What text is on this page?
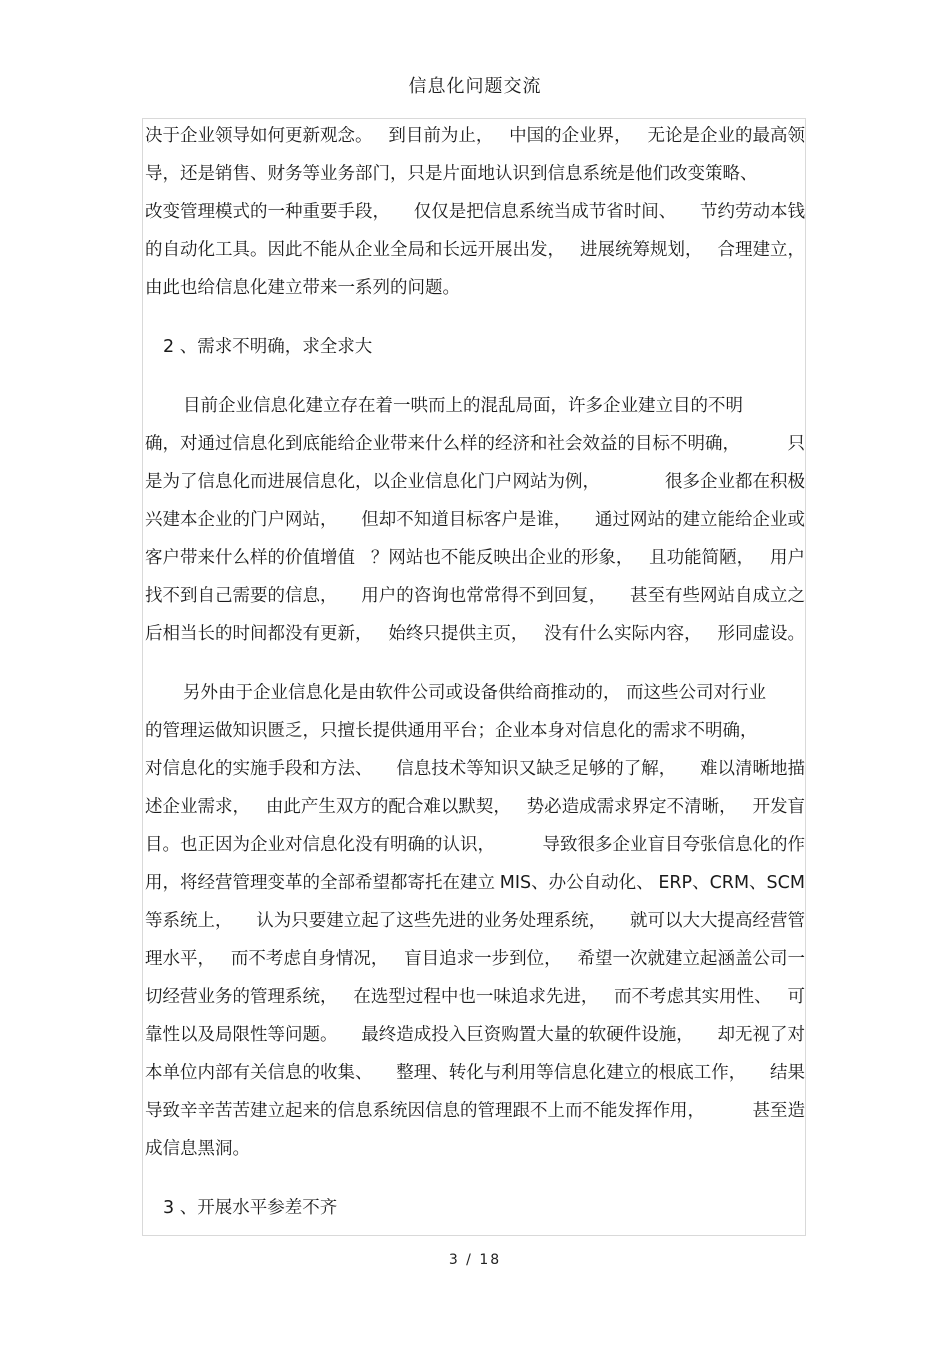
信息化问题交流
决于企业领导如何更新观念。 到目前为止， 中国的企业界， 无论是企业的最高领
导，还是销售、财务等业务部门，只是片面地认识到信息系统是他们改变策略、
改变管理模式的一种重要手段， 仅仅是把信息系统当成节省时间、 节约劳动本钱
的自动化工具。因此不能从企业全局和长远开展出发， 进展统筹规划， 合理建立，
由此也给信息化建立带来一系列的问题。
2 、需求不明确，求全求大
目前企业信息化建立存在着一哄而上的混乱局面，许多企业建立目的不明
确，对通过信息化到底能给企业带来什么样的经济和社会效益的目标不明确，	只
是为了信息化而进展信息化，以企业信息化门户网站为例，	很多企业都在积极
兴建本企业的门户网站， 但却不知道目标客户是谁， 通过网站的建立能给企业或
客户带来什么样的价值增值 ？网站也不能反映出企业的形象， 且功能简陋， 用户
找不到自己需要的信息， 用户的咨询也常常得不到回复， 甚至有些网站自成立之
后相当长的时间都没有更新， 始终只提供主页， 没有什么实际内容， 形同虚设。
另外由于企业信息化是由软件公司或设备供给商推动的， 而这些公司对行业
的管理运做知识匮乏，只擅长提供通用平台；企业本身对信息化的需求不明确，
对信息化的实施手段和方法、 信息技术等知识又缺乏足够的了解， 难以清晰地描
述企业需求， 由此产生双方的配合难以默契， 势必造成需求界定不清晰， 开发盲
目。也正因为企业对信息化没有明确的认识，	导致很多企业盲目夸张信息化的作
用，将经营管理变革的全部希望都寄托在建立 MIS、办公自动化、 ERP、CRM、SCM
等系统上， 认为只要建立起了这些先进的业务处理系统， 就可以大大提高经营管
理水平， 而不考虑自身情况， 盲目追求一步到位， 希望一次就建立起涵盖公司一
切经营业务的管理系统， 在选型过程中也一味追求先进， 而不考虑其实用性、 可
靠性以及局限性等问题。 最终造成投入巨资购置大量的软硬件设施， 却无视了对
本单位内部有关信息的收集、 整理、转化与利用等信息化建立的根底工作， 结果
导致辛辛苦苦建立起来的信息系统因信息的管理跟不上而不能发挥作用，	甚至造
成信息黑洞。
3 、开展水平参差不齐
3 / 18
